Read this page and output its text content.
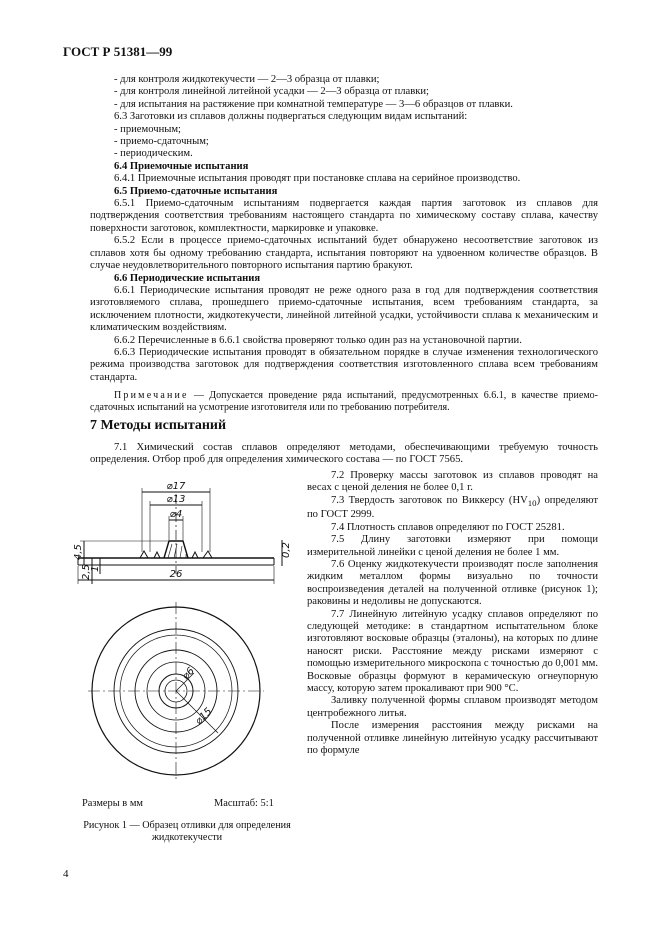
ГОСТ Р 51381—99

- для контроля жидкотекучести — 2—3 образца от плавки;

- для контроля линейной литейной усадки — 2—3 образца от плавки;

- для испытания на растяжение при комнатной температуре — 3—6 образцов от плавки.

6.3 Заготовки из сплавов должны подвергаться следующим видам испытаний:

- приемочным;

- приемо-сдаточным;

- периодическим.

6.4 Приемочные испытания

6.4.1 Приемочные испытания проводят при постановке сплава на серийное производство.

6.5 Приемо-сдаточные испытания

6.5.1 Приемо-сдаточным испытаниям подвергается каждая партия заготовок из сплавов для подтверждения соответствия требованиям настоящего стандарта по химическому составу сплава, качеству поверхности заготовок, комплектности, маркировке и упаковке.

6.5.2 Если в процессе приемо-сдаточных испытаний будет обнаружено несоответствие заготовок из сплавов хотя бы одному требованию стандарта, испытания повторяют на удвоенном количестве образцов. В случае неудовлетворительного повторного испытания партию бракуют.

6.6 Периодические испытания

6.6.1 Периодические испытания проводят не реже одного раза в год для подтверждения соответствия изготовляемого сплава, прошедшего приемо-сдаточные испытания, всем требованиям стандарта, за исключением плотности, жидкотекучести, линейной литейной усадки, устойчивости сплава к механическим и климатическим воздействиям.

6.6.2 Перечисленные в 6.6.1 свойства проверяют только один раз на установочной партии.

6.6.3 Периодические испытания проводят в обязательном порядке в случае изменения технологического режима производства заготовок для подтверждения соответствия изготовленного сплава всем требованиям стандарта.

Примечание — Допускается проведение ряда испытаний, предусмотренных 6.6.1, в качестве приемо-сдаточных испытаний на усмотрение изготовителя или по требованию потребителя.

7 Методы испытаний

7.1 Химический состав сплавов определяют методами, обеспечивающими требуемую точность определения. Отбор проб для определения химического состава — по ГОСТ 7565.

7.2 Проверку массы заготовок из сплавов проводят на весах с ценой деления не более 0,1 г.

7.3 Твердость заготовок по Виккерсу $(HV_{10})$ определяют по ГОСТ 2999.

7.4 Плотность сплавов определяют по ГОСТ 25281.

7.5 Длину заготовки измеряют при помощи измерительной линейки с ценой деления не более 1 мм.

7.6 Оценку жидкотекучести производят после заполнения жидким металлом формы визуально по точности воспроизведения деталей на полученной отливке (рисунок 1); раковины и недоливы не допускаются.

7.7 Линейную литейную усадку сплавов определяют по следующей методике: в стандартном испытательном блоке изготовляют восковые образцы (эталоны), на которых по длине наносят риски. Расстояние между рисками измеряют с помощью измерительного микроскопа с точностью до 0,001 мм. Восковые образцы формуют в керамическую огнеупорную массу, которую затем прокаливают при 900 °С.

Заливку полученной формы сплавом производят методом центробежного литья.

После измерения расстояния между рисками на полученной отливке линейную литейную усадку рассчитывают по формуле

⌀17
⌀13
⌀4
26
4,5
2,5
1
0,2
⌀6
⌀15
Размеры в мм	Масштаб: 5:1
Рисунок 1 — Образец отливки для определения жидкотекучести
4
